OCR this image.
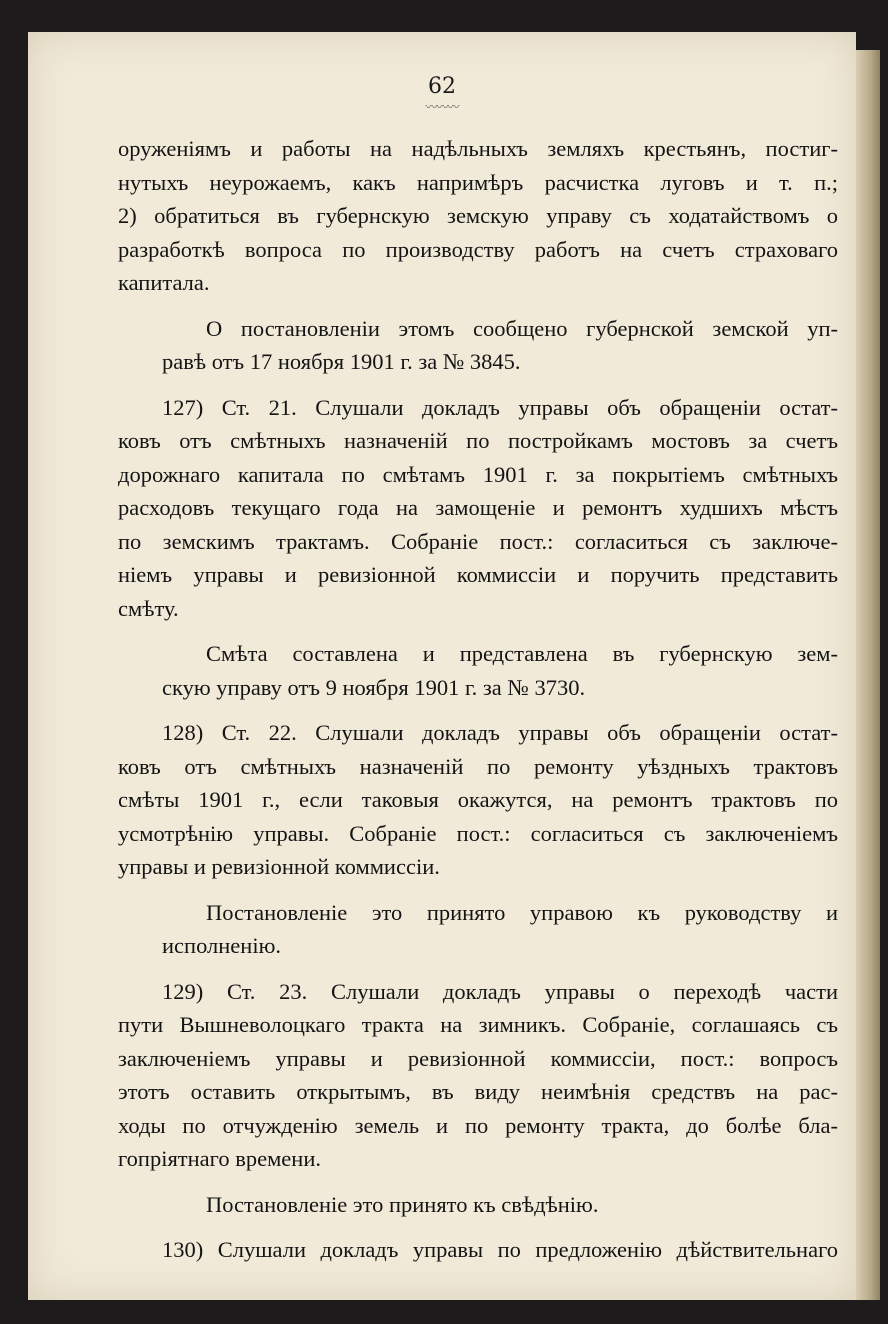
62
〰〰〰

оруженіямъ и работы на надѣльныхъ земляхъ крестьянъ, постиг-

нутыхъ неурожаемъ, какъ напримѣръ расчистка луговъ и т. п.;

2) обратиться въ губернскую земскую управу съ ходатайствомъ о

разработкѣ вопроса по производству работъ на счетъ страховаго

капитала.

О постановленіи этомъ сообщено губернской земской уп-

равѣ отъ 17 ноября 1901 г. за № 3845.

127) Ст. 21. Слушали докладъ управы объ обращеніи остат-

ковъ отъ смѣтныхъ назначеній по постройкамъ мостовъ за счетъ

дорожнаго капитала по смѣтамъ 1901 г. за покрытіемъ смѣтныхъ

расходовъ текущаго года на замощеніе и ремонтъ худшихъ мѣстъ

по земскимъ трактамъ. Собраніе пост.: согласиться съ заключе-

ніемъ управы и ревизіонной коммиссіи и поручить представить

смѣту.

Смѣта составлена и представлена въ губернскую зем-

скую управу отъ 9 ноября 1901 г. за № 3730.

128) Ст. 22. Слушали докладъ управы объ обращеніи остат-

ковъ отъ смѣтныхъ назначеній по ремонту уѣздныхъ трактовъ

смѣты 1901 г., если таковыя окажутся, на ремонтъ трактовъ по

усмотрѣнію управы. Собраніе пост.: согласиться съ заключеніемъ

управы и ревизіонной коммиссіи.

Постановленіе это принято управою къ руководству и

исполненію.

129) Ст. 23. Слушали докладъ управы о переходѣ части

пути Вышневолоцкаго тракта на зимникъ. Собраніе, соглашаясь съ

заключеніемъ управы и ревизіонной коммиссіи, пост.: вопросъ

этотъ оставить открытымъ, въ виду неимѣнія средствъ на рас-

ходы по отчужденію земель и по ремонту тракта, до болѣе бла-

гопріятнаго времени.

Постановленіе это принято къ свѣдѣнію.

130) Слушали докладъ управы по предложенію дѣйствительнаго
